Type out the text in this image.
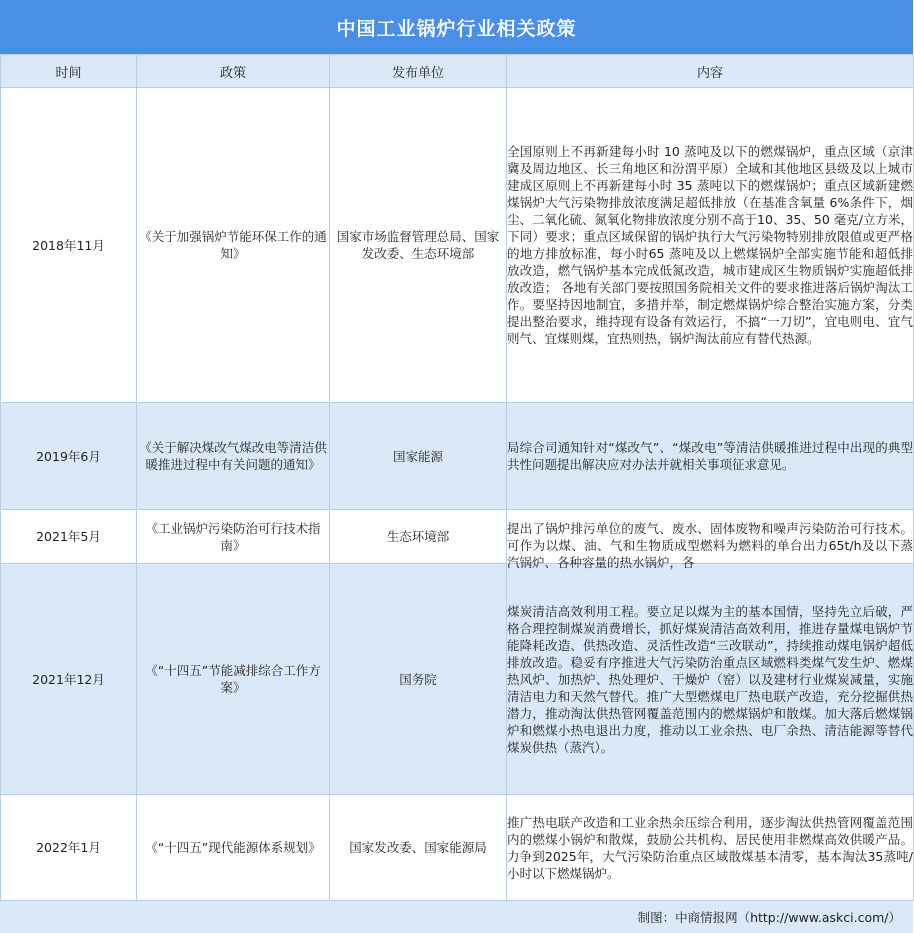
中国工业锅炉行业相关政策
时间	政策	发布单位	内容
2018年11月	《关于加强锅炉节能环保工作的通知》	国家市场监督管理总局、国家发改委、生态环境部	全国原则上不再新建每小时 10 蒸吨及以下的燃煤锅炉，重点区域（京津冀及周边地区、长三角地区和汾渭平原）全域和其他地区县级及以上城市建成区原则上不再新建每小时 35 蒸吨以下的燃煤锅炉；重点区域新建燃煤锅炉大气污染物排放浓度满足超低排放（在基准含氧量 6%条件下，烟尘、二氧化硫、氮氧化物排放浓度分别不高于10、35、50 毫克/立方米，下同）要求；重点区域保留的锅炉执行大气污染物特别排放限值或更严格的地方排放标准，每小时65 蒸吨及以上燃煤锅炉全部实施节能和超低排放改造，燃气锅炉基本完成低氮改造，城市建成区生物质锅炉实施超低排放改造； 各地有关部门要按照国务院相关文件的要求推进落后锅炉淘汰工作。要坚持因地制宜，多措并举，制定燃煤锅炉综合整治实施方案，分类提出整治要求，维持现有设备有效运行，不搞“一刀切”，宜电则电、宜气则气、宜煤则煤，宜热则热，锅炉淘汰前应有替代热源。
2019年6月	《关于解决煤改气煤改电等清洁供暖推进过程中有关问题的通知》	国家能源	局综合司通知针对“煤改气”、“煤改电”等清洁供暖推进过程中出现的典型共性问题提出解决应对办法并就相关事项征求意见。
2021年5月	《工业锅炉污染防治可行技术指南》	生态环境部	提出了锅炉排污单位的废气、废水、固体废物和噪声污染防治可行技术。可作为以煤、油、气和生物质成型燃料为燃料的单台出力65t/h及以下蒸汽锅炉、各种容量的热水锅炉，各

2021年12月	《“十四五”节能减排综合工作方案》	国务院	煤炭清洁高效利用工程。要立足以煤为主的基本国情，坚持先立后破，严格合理控制煤炭消费增长，抓好煤炭清洁高效利用，推进存量煤电锅炉节能降耗改造、供热改造、灵活性改造“三改联动”，持续推动煤电锅炉超低排放改造。稳妥有序推进大气污染防治重点区域燃料类煤气发生炉、燃煤热风炉、加热炉、热处理炉、干燥炉（窑）以及建材行业煤炭减量，实施清洁电力和天然气替代。推广大型燃煤电厂热电联产改造，充分挖掘供热潜力，推动淘汰供热管网覆盖范围内的燃煤锅炉和散煤。加大落后燃煤锅炉和燃煤小热电退出力度，推动以工业余热、电厂余热、清洁能源等替代煤炭供热（蒸汽）。
2022年1月	《“十四五”现代能源体系规划》	国家发改委、国家能源局	推广热电联产改造和工业余热余压综合利用，逐步淘汰供热管网覆盖范围内的燃煤小锅炉和散煤，鼓励公共机构、居民使用非燃煤高效供暖产品。力争到2025年，大气污染防治重点区域散煤基本清零，基本淘汰35蒸吨/小时以下燃煤锅炉。
制图：中商情报网（http://www.askci.com/）
